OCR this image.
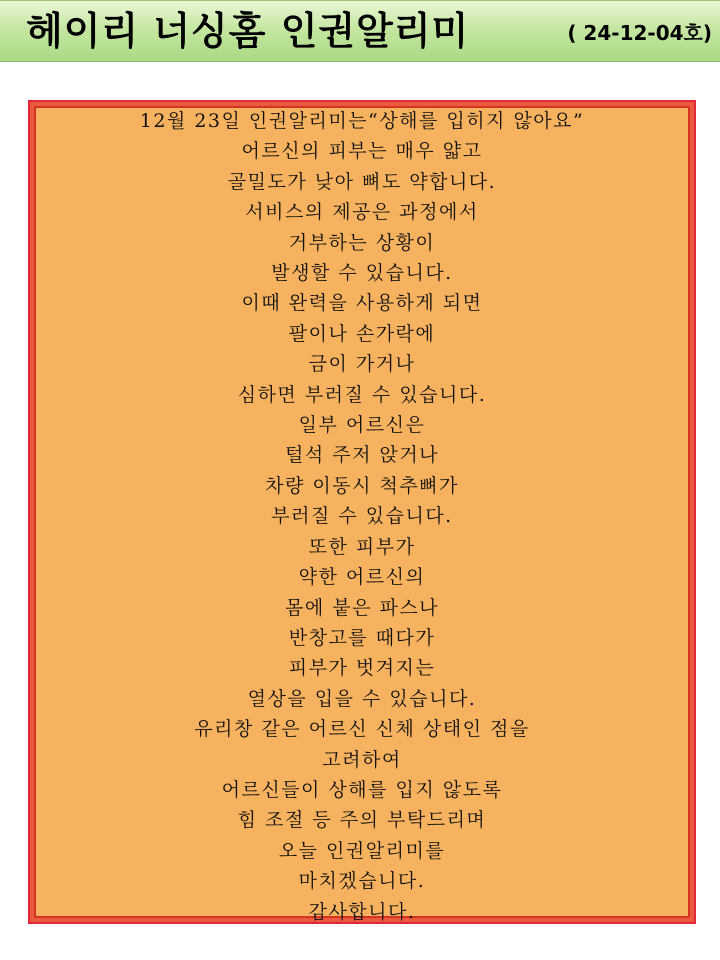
헤이리 너싱홈 인권알리미	( 24-12-04호)
12월 23일 인권알리미는“상해를 입히지 않아요”
어르신의 피부는 매우 얇고
골밀도가 낮아 뼈도 약합니다.
서비스의 제공은 과정에서
거부하는 상황이
발생할 수 있습니다.
이때 완력을 사용하게 되면
팔이나 손가락에
금이 가거나
심하면 부러질 수 있습니다.
일부 어르신은
털석 주저 앉거나
차량 이동시 척추뼈가
부러질 수 있습니다.
또한 피부가
약한 어르신의
몸에 붙은 파스나
반창고를 때다가
피부가 벗겨지는
열상을 입을 수 있습니다.
유리창 같은 어르신 신체 상태인 점을
고려하여
어르신들이 상해를 입지 않도록
힘 조절 등 주의 부탁드리며
오늘 인권알리미를
마치겠습니다.
감사합니다.
